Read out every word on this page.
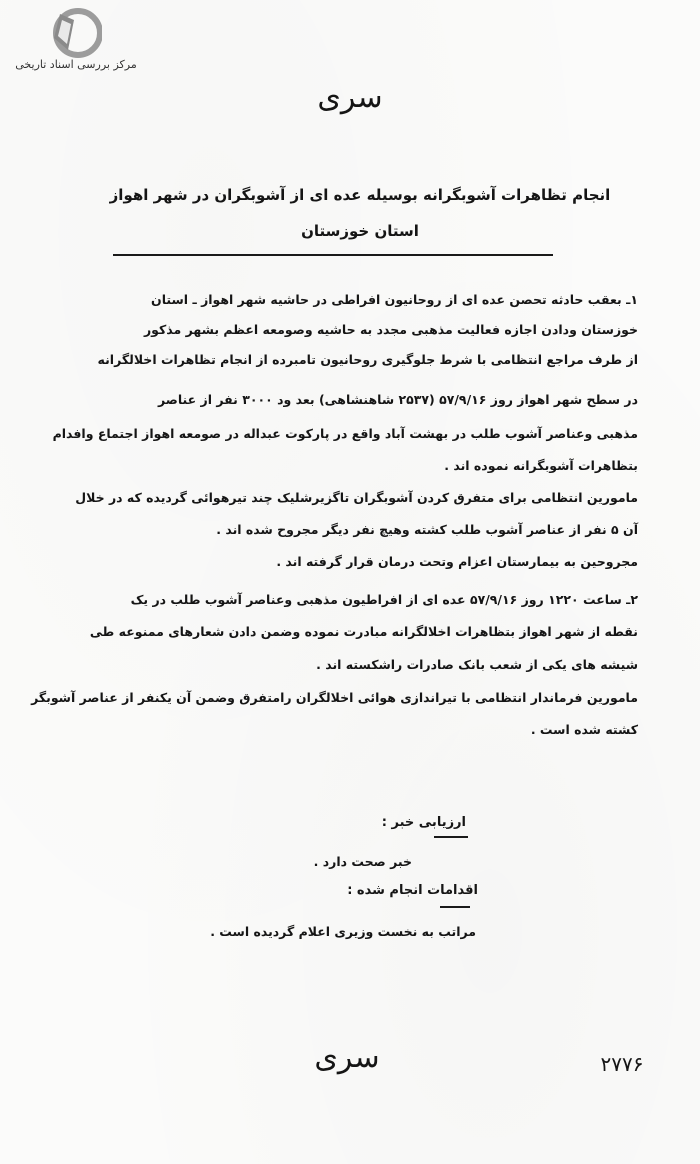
مرکز بررسی اسناد تاریخی
سری
انجام تظاهرات آشوبگرانه بوسیله عده ای از آشوبگران در شهر اهواز
استان خوزستان
۱ـ بعقب حادثه تحصن عده ای از روحانیون افراطی در حاشیه شهر اهواز ـ استان
خوزستان ودادن اجازه فعالیت مذهبی مجدد به حاشیه وصومعه اعظم بشهر مذکور
از طرف مراجع انتظامی با شرط جلوگیری روحانیون تامبرده از انجام تظاهرات اخلالگرانه
در سطح شهر اهواز روز ۵۷/۹/۱۶ (۲۵۳۷ شاهنشاهی) بعد ود ۳۰۰۰ نفر از عناصر
مذهبی وعناصر آشوب طلب در بهشت آباد واقع در پارکوت عبداله در صومعه اهواز اجتماع وافدام
بتظاهرات آشوبگرانه نموده اند .
مامورین انتظامی برای متفرق کردن آشوبگران تاگزیرشلیک چند تیرهوائی گردیده که در خلال
آن ۵ نفر از عناصر آشوب طلب کشته وهیچ نفر دیگر مجروح شده اند .
مجروحین به بیمارستان اعزام وتحت درمان قرار گرفته اند .
۲ـ ساعت ۱۲۲۰ روز ۵۷/۹/۱۶ عده ای از افراطیون مذهبی وعناصر آشوب طلب در یک
نقطه از شهر اهواز بتظاهرات اخلالگرانه مبادرت نموده وضمن دادن شعارهای ممنوعه طی
شیشه های یکی از شعب بانک صادرات راشکسته اند .
مامورین فرماندار انتظامی با تیراندازی هوائی اخلالگران رامتفرق وضمن آن یکنفر از عناصر آشوبگر
کشته شده است .
ارزیابی خبر :
خبر صحت دارد .
اقدامات انجام شده :
مراتب به نخست وزیری اعلام گردیده است .
سری	۲۷۷۶
